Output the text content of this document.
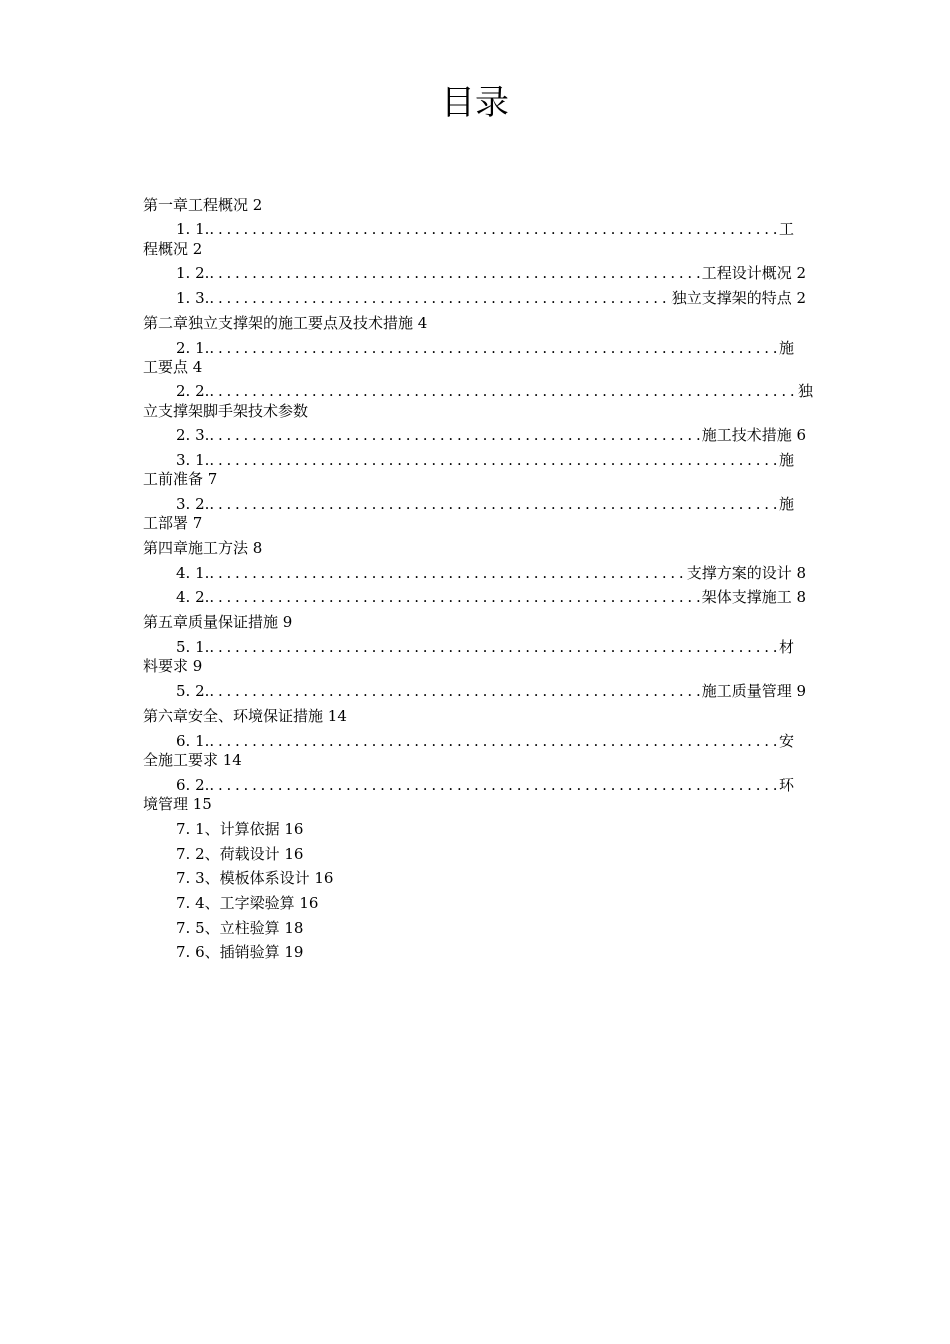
目录
第一章工程概况 2
1. 1. . . .	工
程概况 2
1. 2. . . .	工程设计概况 2
1. 3. . . .	独立支撑架的特点 2
第二章独立支撑架的施工要点及技术措施 4
2. 1. . . .	施
工要点 4
2. 2. . . .	独
立支撑架脚手架技术参数
2. 3. . . .	施工技术措施 6
3. 1. . . .	施
工前准备 7
3. 2. . . .	施
工部署 7
第四章施工方法 8
4. 1. . . .	支撑方案的设计 8
4. 2. . . .	架体支撑施工 8
第五章质量保证措施 9
5. 1. . . .	材
料要求 9
5. 2. . . .	施工质量管理 9
第六章安全、环境保证措施 14
6. 1. . . .	安
全施工要求 14
6. 2. . . .	环
境管理 15
7. 1、计算依据 16
7. 2、荷载设计 16
7. 3、模板体系设计 16
7. 4、工字梁验算 16
7. 5、立柱验算 18
7. 6、插销验算 19
